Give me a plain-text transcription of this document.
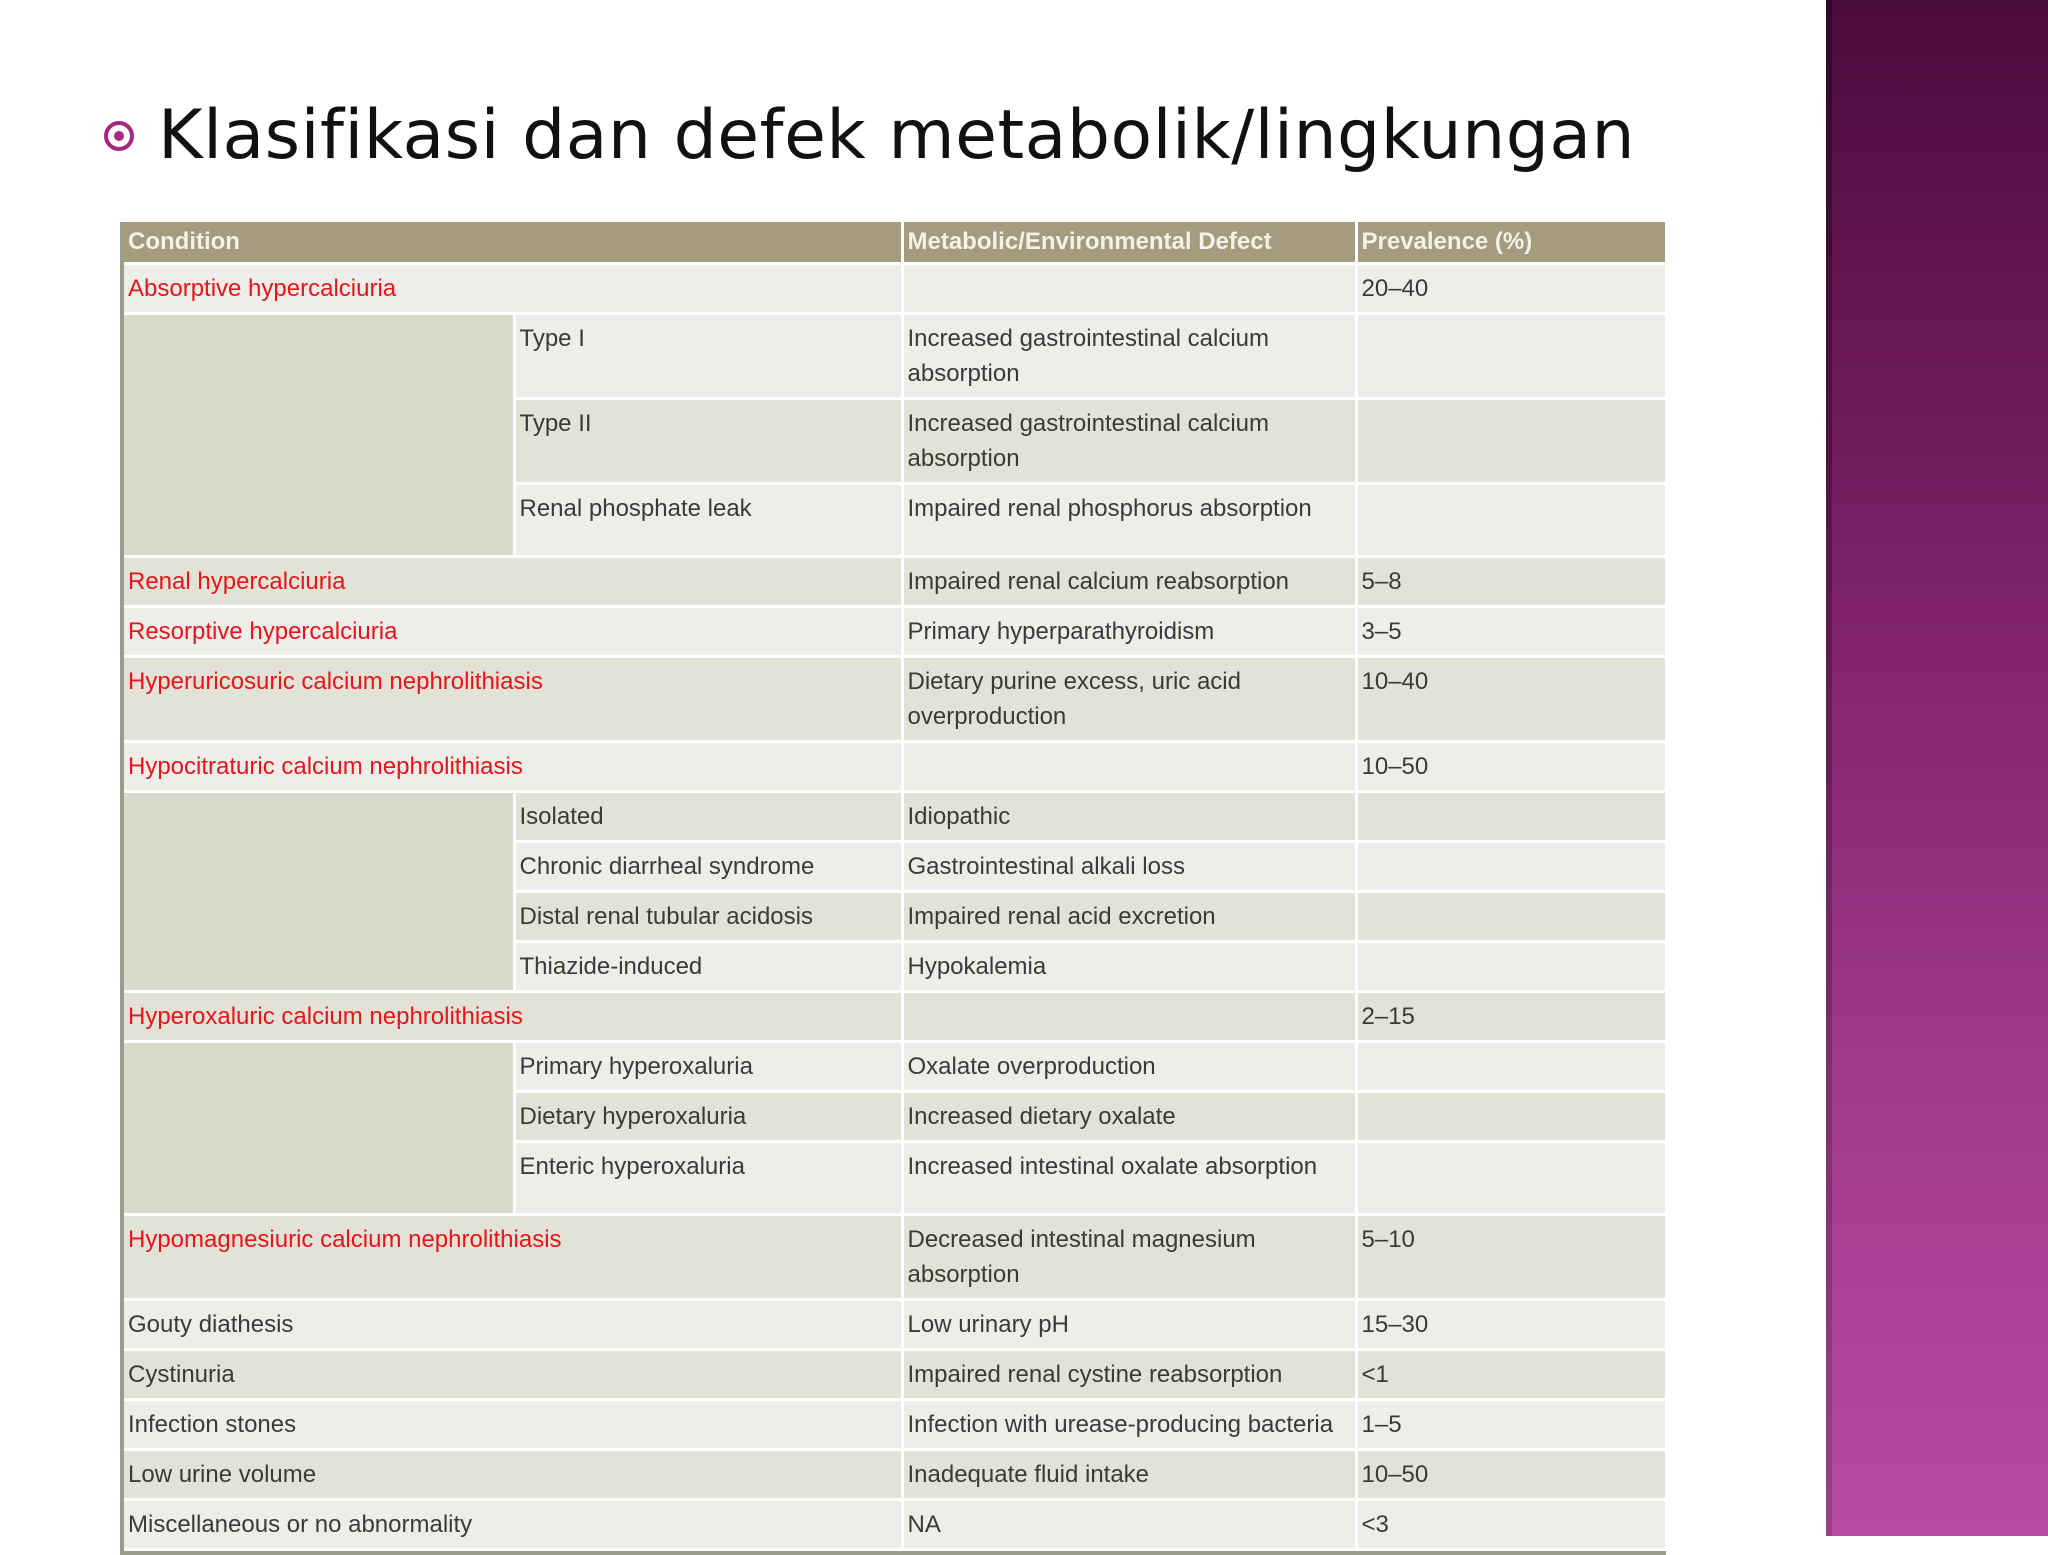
Klasifikasi dan defek metabolik/lingkungan
Condition		Metabolic/Environmental Defect	Prevalence (%)
Absorptive hypercalciuria			20–40
	Type I	Increased gastrointestinal calcium absorption	
	Type II	Increased gastrointestinal calcium absorption	
	Renal phosphate leak	Impaired renal phosphorus absorption	
Renal hypercalciuria		Impaired renal calcium reabsorption	5–8
Resorptive hypercalciuria		Primary hyperparathyroidism	3–5
Hyperuricosuric calcium nephrolithiasis		Dietary purine excess, uric acid overproduction	10–40
Hypocitraturic calcium nephrolithiasis			10–50
	Isolated	Idiopathic	
	Chronic diarrheal syndrome	Gastrointestinal alkali loss	
	Distal renal tubular acidosis	Impaired renal acid excretion	
	Thiazide-induced	Hypokalemia	
Hyperoxaluric calcium nephrolithiasis			2–15
	Primary hyperoxaluria	Oxalate overproduction	
	Dietary hyperoxaluria	Increased dietary oxalate	
	Enteric hyperoxaluria	Increased intestinal oxalate absorption	
Hypomagnesiuric calcium nephrolithiasis		Decreased intestinal magnesium absorption	5–10
Gouty diathesis		Low urinary pH	15–30
Cystinuria		Impaired renal cystine reabsorption	<1
Infection stones		Infection with urease-producing bacteria	1–5
Low urine volume		Inadequate fluid intake	10–50
Miscellaneous or no abnormality		NA	<3
